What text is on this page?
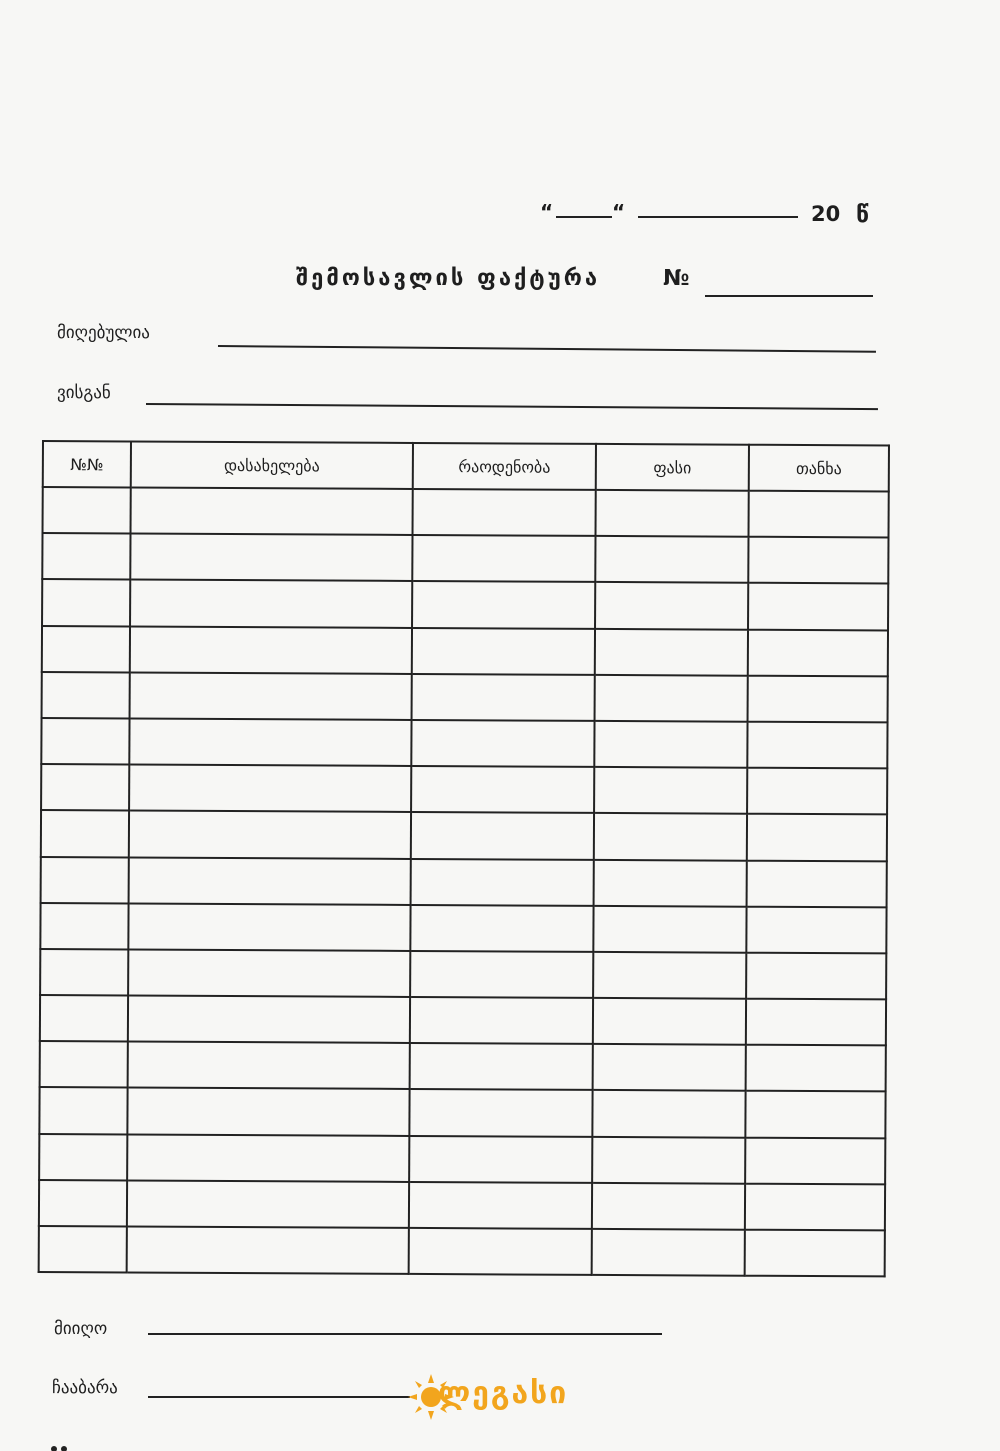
“	“	20 წ
შემოსავლის ფაქტურა	№
მიღებულია
ვისგან
№№	დასახელება	რაოდენობა	ფასი	თანხა

მიიღო
ჩააბარა	ლეგასი
